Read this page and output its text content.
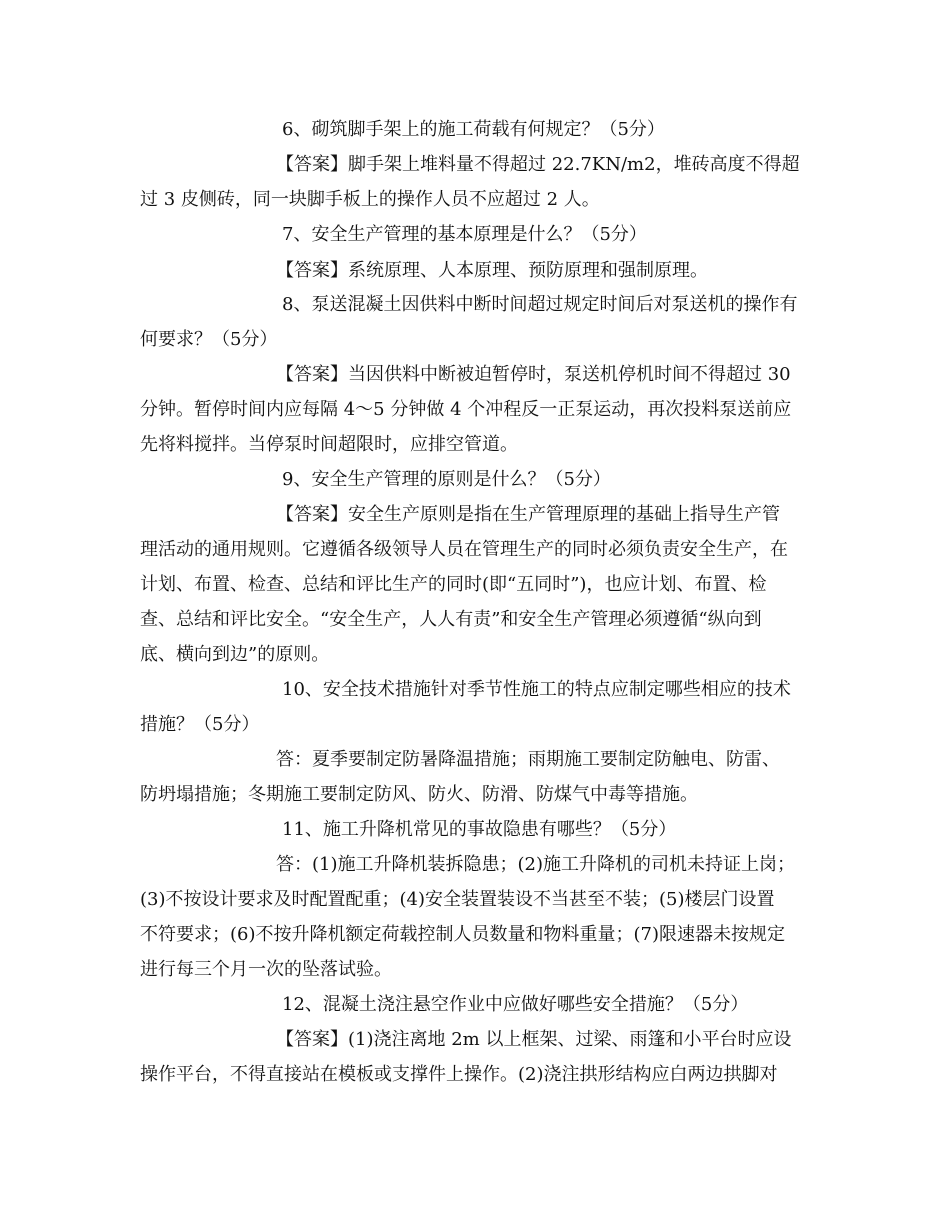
6、砌筑脚手架上的施工荷载有何规定？（5分）

【答案】脚手架上堆料量不得超过 22.7KN/m2，堆砖高度不得超

过 3 皮侧砖，同一块脚手板上的操作人员不应超过 2 人。

7、安全生产管理的基本原理是什么？（5分）

【答案】系统原理、人本原理、预防原理和强制原理。

8、泵送混凝土因供料中断时间超过规定时间后对泵送机的操作有

何要求？（5分）

【答案】当因供料中断被迫暂停时，泵送机停机时间不得超过 30

分钟。暂停时间内应每隔 4～5 分钟做 4 个冲程反一正泵运动，再次投料泵送前应

先将料搅拌。当停泵时间超限时，应排空管道。

9、安全生产管理的原则是什么？（5分）

【答案】安全生产原则是指在生产管理原理的基础上指导生产管

理活动的通用规则。它遵循各级领导人员在管理生产的同时必须负责安全生产，在

计划、布置、检查、总结和评比生产的同时(即“五同时”)，也应计划、布置、检

查、总结和评比安全。“安全生产，人人有责”和安全生产管理必须遵循“纵向到

底、横向到边”的原则。

10、安全技术措施针对季节性施工的特点应制定哪些相应的技术

措施？（5分）

答：夏季要制定防暑降温措施；雨期施工要制定防触电、防雷、

防坍塌措施；冬期施工要制定防风、防火、防滑、防煤气中毒等措施。

11、施工升降机常见的事故隐患有哪些？（5分）

答：(1)施工升降机装拆隐患；(2)施工升降机的司机未持证上岗；

(3)不按设计要求及时配置配重；(4)安全装置装设不当甚至不装；(5)楼层门设置

不符要求；(6)不按升降机额定荷载控制人员数量和物料重量；(7)限速器未按规定

进行每三个月一次的坠落试验。

12、混凝土浇注悬空作业中应做好哪些安全措施？（5分）

【答案】(1)浇注离地 2m 以上框架、过梁、雨篷和小平台时应设

操作平台，不得直接站在模板或支撑件上操作。(2)浇注拱形结构应白两边拱脚对
